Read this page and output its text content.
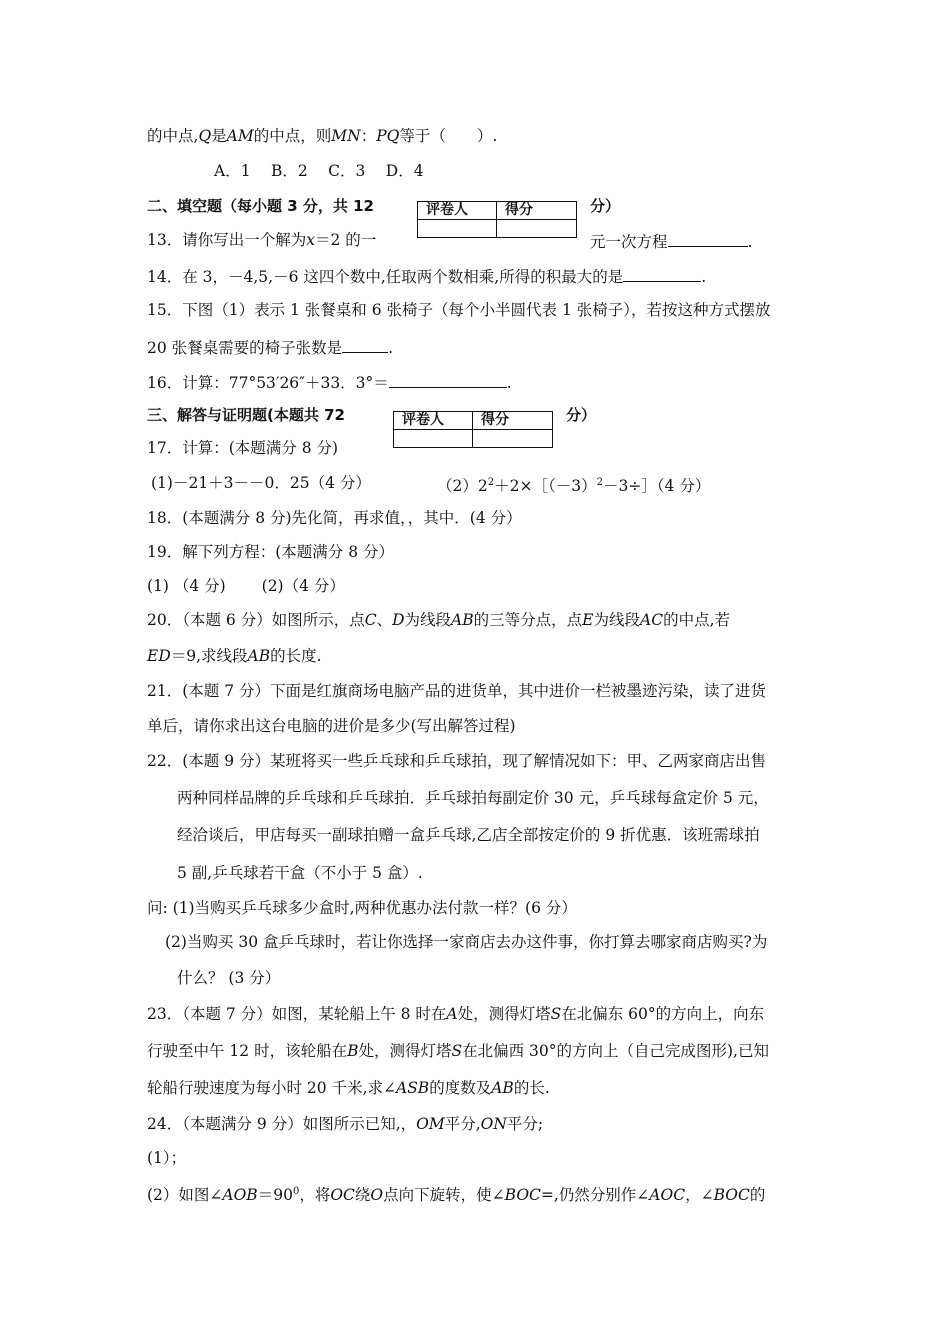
的中点,Q是AM的中点，则MN：PQ等于（　　）.
A．1　 B．2　 C．3　 D．4
二、填空题（每小题 3 分，共 12	分）
评卷人	得分

13．请你写出一个解为x＝2 的一	元一次方程	.
14．在 3，－4,5,－6 这四个数中,任取两个数相乘,所得的积最大的是	.
15．下图（1）表示 1 张餐桌和 6 张椅子（每个小半圆代表 1 张椅子），若按这种方式摆放
20 张餐桌需要的椅子张数是	.
16．计算：77°53′26″＋33．3°＝	.
三、解答与证明题(本题共 72	分）
评卷人	得分

17．计算：(本题满分 8 分)
(1)－21＋3－－0．25（4 分）	$(2)2^2+2\times[(-3)^2-3\div](4$ 分）
18．(本题满分 8 分)先化简，再求值，，其中．(4 分）
19．解下列方程：(本题满分 8 分）
(1) （4 分)　　 (2)（4 分）
20．（本题 6 分）如图所示，点C、D为线段AB的三等分点，点E为线段AC的中点,若
ED＝9,求线段AB的长度.
21．(本题 7 分）下面是红旗商场电脑产品的进货单，其中进价一栏被墨迹污染，读了进货
单后，请你求出这台电脑的进价是多少(写出解答过程)
22．(本题 9 分）某班将买一些乒乓球和乒乓球拍，现了解情况如下：甲、乙两家商店出售
两种同样品牌的乒乓球和乒乓球拍．乒乓球拍每副定价 30 元，乒乓球每盒定价 5 元，
经洽谈后，甲店每买一副球拍赠一盒乒乓球,乙店全部按定价的 9 折优惠．该班需球拍
5 副,乒乓球若干盒（不小于 5 盒）.
问: (1)当购买乒乓球多少盒时,两种优惠办法付款一样？(6 分）
(2)当购买 30 盒乒乓球时，若让你选择一家商店去办这件事，你打算去哪家商店购买?为
什么？ (3 分）
23．（本题 7 分）如图，某轮船上午 8 时在A处，测得灯塔S在北偏东 60°的方向上，向东
行驶至中午 12 时，该轮船在B处，测得灯塔S在北偏西 30°的方向上（自己完成图形),已知
轮船行驶速度为每小时 20 千米,求∠ASB的度数及AB的长.
24．（本题满分 9 分）如图所示已知,，OM平分,ON平分;
(1）；
(2）如图$\angle AOB=90^0$，将OC绕O点向下旋转，使∠BOC=,仍然分别作∠AOC，∠BOC的
